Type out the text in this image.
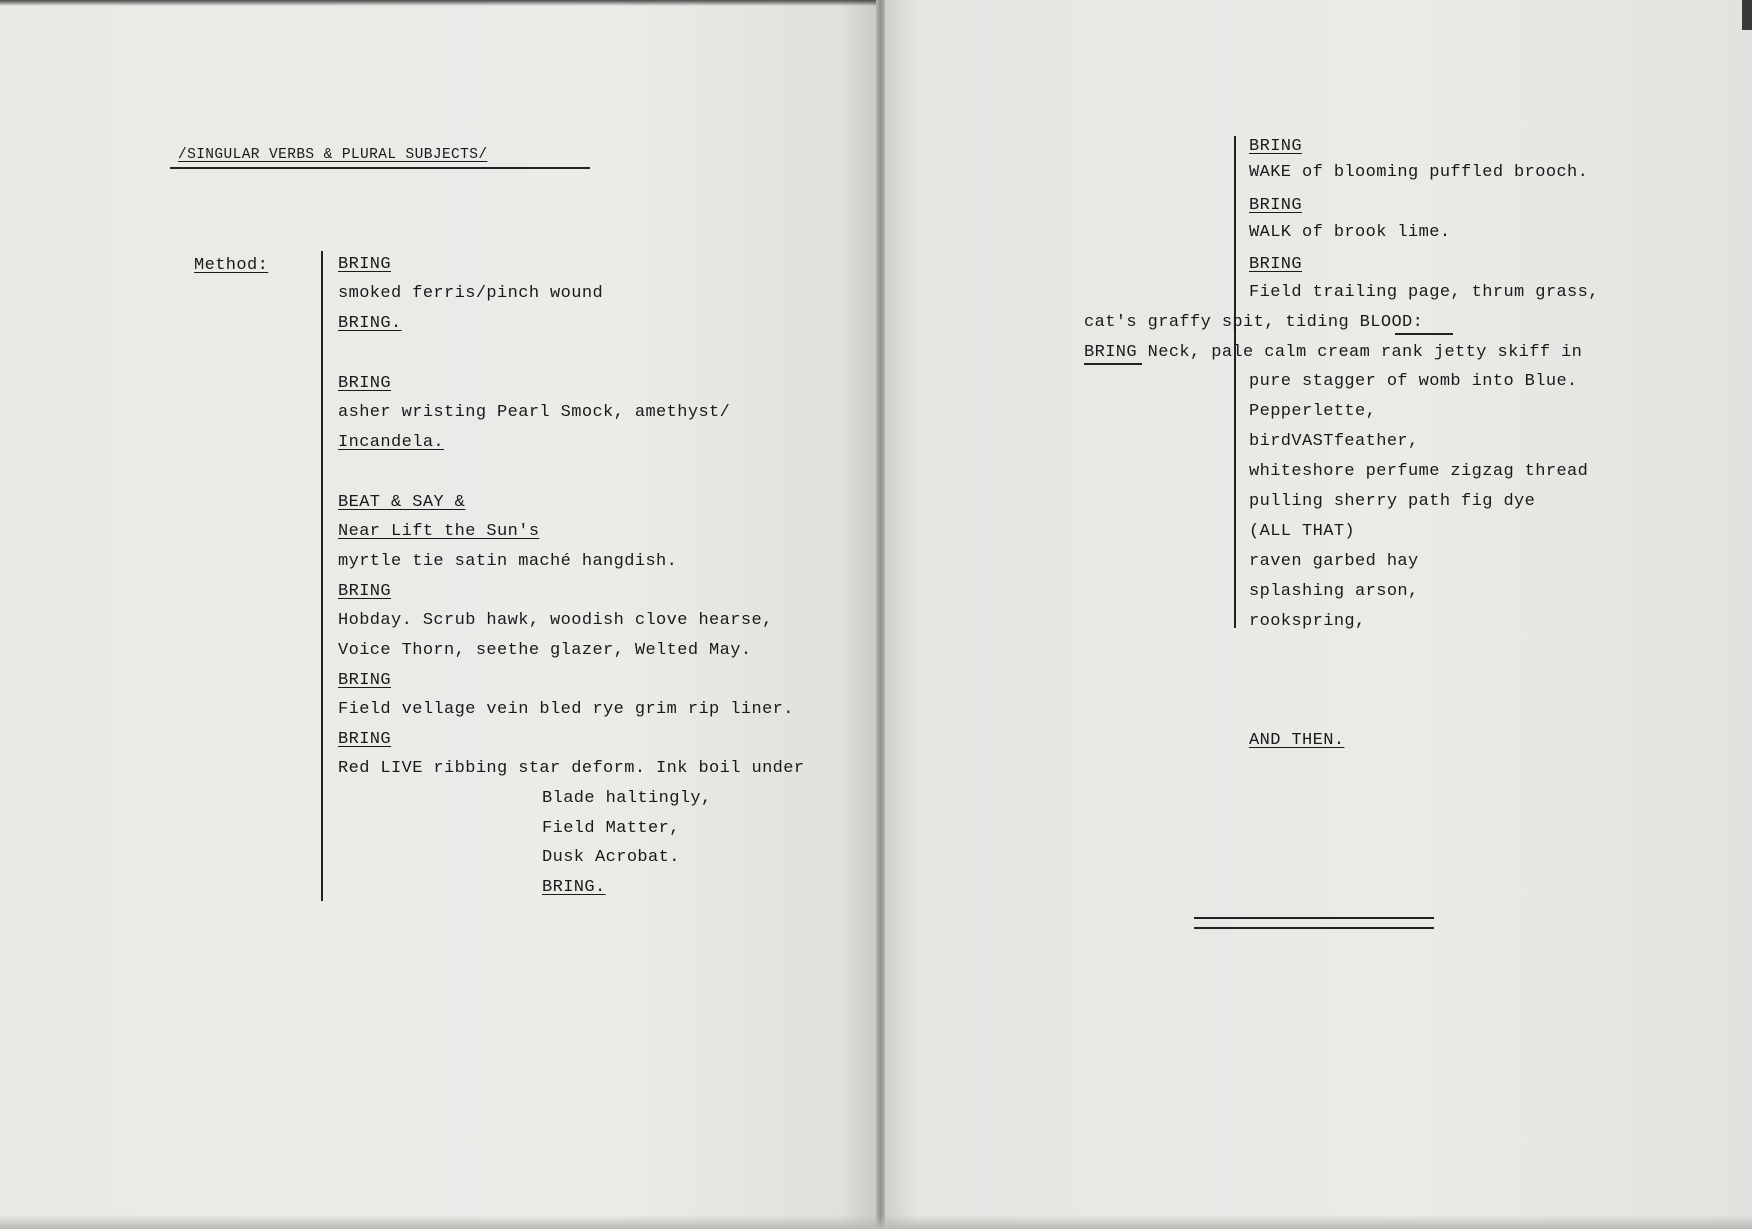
/SINGULAR VERBS & PLURAL SUBJECTS/
Method:	BRING
smoked ferris/pinch wound
BRING.
BRING
asher wristing Pearl Smock, amethyst/
Incandela.
BEAT & SAY &
Near Lift the Sun's
myrtle tie satin maché hangdish.
BRING
Hobday. Scrub hawk, woodish clove hearse,
Voice Thorn, seethe glazer, Welted May.
BRING
Field vellage vein bled rye grim rip liner.
BRING
Red LIVE ribbing star deform. Ink boil under
Blade haltingly,
Field Matter,
Dusk Acrobat.
BRING.
BRING
WAKE of blooming puffled brooch.
BRING
WALK of brook lime.
BRING
Field trailing page, thrum grass,
cat's graffy spit, tiding BLOOD:
BRING Neck, pale calm cream rank jetty skiff in
pure stagger of womb into Blue.
Pepperlette,
birdVASTfeather,
whiteshore perfume zigzag thread
pulling sherry path fig dye
(ALL THAT)
raven garbed hay
splashing arson,
rookspring,
AND THEN.
